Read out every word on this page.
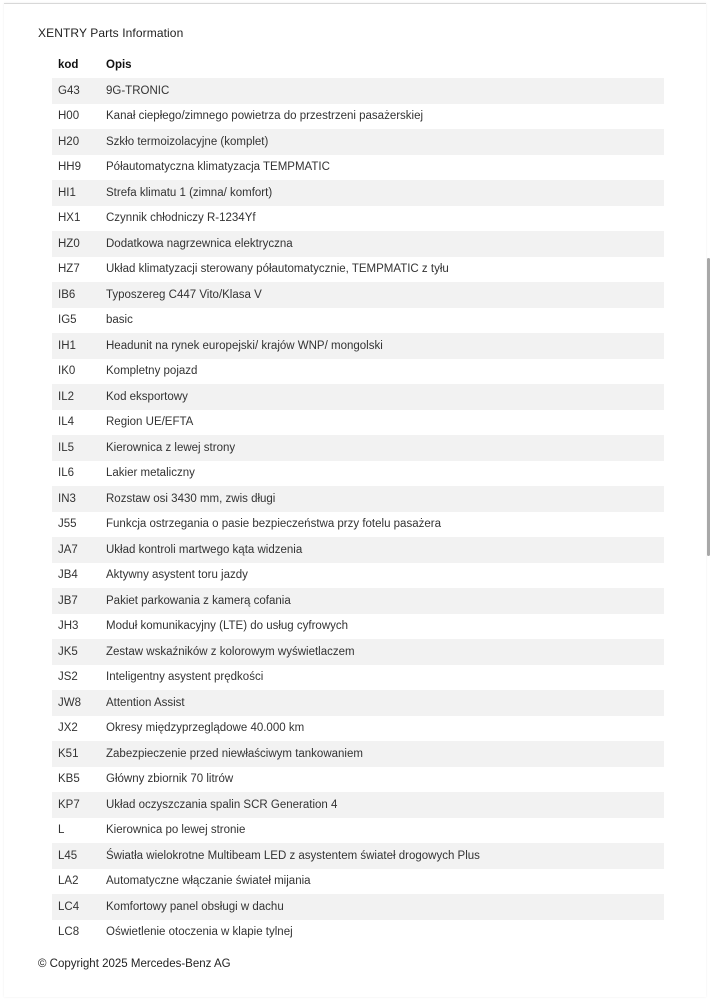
XENTRY Parts Information
kod	Opis
G43	9G-TRONIC
H00	Kanał ciepłego/zimnego powietrza do przestrzeni pasażerskiej
H20	Szkło termoizolacyjne (komplet)
HH9	Półautomatyczna klimatyzacja TEMPMATIC
HI1	Strefa klimatu 1 (zimna/ komfort)
HX1	Czynnik chłodniczy R-1234Yf
HZ0	Dodatkowa nagrzewnica elektryczna
HZ7	Układ klimatyzacji sterowany półautomatycznie, TEMPMATIC z tyłu
IB6	Typoszereg C447 Vito/Klasa V
IG5	basic
IH1	Headunit na rynek europejski/ krajów WNP/ mongolski
IK0	Kompletny pojazd
IL2	Kod eksportowy
IL4	Region UE/EFTA
IL5	Kierownica z lewej strony
IL6	Lakier metaliczny
IN3	Rozstaw osi 3430 mm, zwis długi
J55	Funkcja ostrzegania o pasie bezpieczeństwa przy fotelu pasażera
JA7	Układ kontroli martwego kąta widzenia
JB4	Aktywny asystent toru jazdy
JB7	Pakiet parkowania z kamerą cofania
JH3	Moduł komunikacyjny (LTE) do usług cyfrowych
JK5	Zestaw wskaźników z kolorowym wyświetlaczem
JS2	Inteligentny asystent prędkości
JW8	Attention Assist
JX2	Okresy międzyprzeglądowe 40.000 km
K51	Zabezpieczenie przed niewłaściwym tankowaniem
KB5	Główny zbiornik 70 litrów
KP7	Układ oczyszczania spalin SCR Generation 4
L	Kierownica po lewej stronie
L45	Światła wielokrotne Multibeam LED z asystentem świateł drogowych Plus
LA2	Automatyczne włączanie świateł mijania
LC4	Komfortowy panel obsługi w dachu
LC8	Oświetlenie otoczenia w klapie tylnej
© Copyright 2025 Mercedes-Benz AG
